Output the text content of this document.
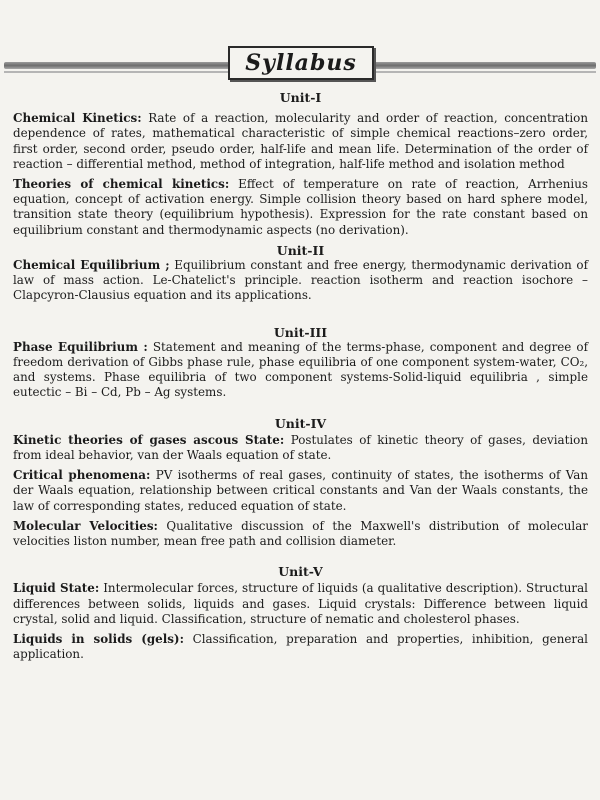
Syllabus
Unit-I

Chemical Kinetics: Rate of a reaction, molecularity and order of reaction, concentration dependence of rates, mathematical characteristic of simple chemical reactions–zero order, first order, second order, pseudo order, half-life and mean life. Determination of the order of reaction – differential method, method of integration, half-life method and isolation method

Theories of chemical kinetics: Effect of temperature on rate of reaction, Arrhenius equation, concept of activation energy. Simple collision theory based on hard sphere model, transition state theory (equilibrium hypothesis). Expression for the rate constant based on equilibrium constant and thermodynamic aspects (no derivation).

Unit-II

Chemical Equilibrium ; Equilibrium constant and free energy, thermodynamic derivation of law of mass action. Le-Chatelict's principle. reaction isotherm and reaction isochore – Clapcyron-Clausius equation and its applications.

Unit-III

Phase Equilibrium : Statement and meaning of the terms-phase, component and degree of freedom derivation of Gibbs phase rule, phase equilibria of one component system-water, CO₂, and systems. Phase equilibria of two component systems-Solid-liquid equilibria , simple eutectic – Bi – Cd, Pb – Ag systems.

Unit-IV

Kinetic theories of gases ascous State: Postulates of kinetic theory of gases, deviation from ideal behavior, van der Waals equation of state.

Critical phenomena: PV isotherms of real gases, continuity of states, the isotherms of Van der Waals equation, relationship between critical constants and Van der Waals constants, the law of corresponding states, reduced equation of state.

Molecular Velocities: Qualitative discussion of the Maxwell's distribution of molecular velocities liston number, mean free path and collision diameter.

Unit-V

Liquid State: Intermolecular forces, structure of liquids (a qualitative description). Structural differences between solids, liquids and gases. Liquid crystals: Difference between liquid crystal, solid and liquid. Classification, structure of nematic and cholesterol phases.

Liquids in solids (gels): Classification, preparation and properties, inhibition, general application.
